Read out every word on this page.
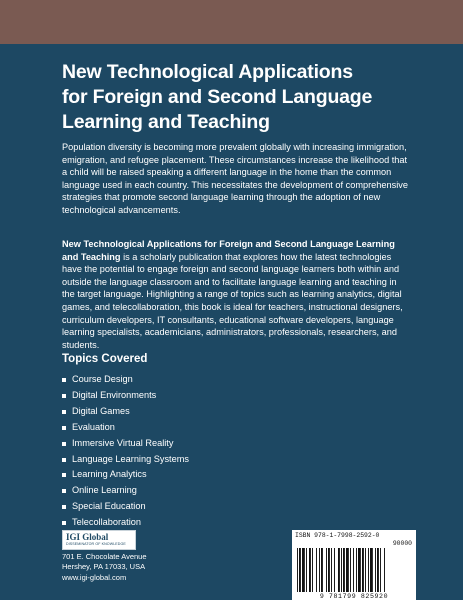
New Technological Applications
for Foreign and Second Language
Learning and Teaching

Population diversity is becoming more prevalent globally with increasing immigration, emigration, and refugee placement. These circumstances increase the likelihood that a child will be raised speaking a different language in the home than the common language used in each country. This necessitates the development of comprehensive strategies that promote second language learning through the adoption of new technological advancements.

New Technological Applications for Foreign and Second Language Learning and Teaching is a scholarly publication that explores how the latest technologies have the potential to engage foreign and second language learners both within and outside the language classroom and to facilitate language learning and teaching in the target language. Highlighting a range of topics such as learning analytics, digital games, and telecollaboration, this book is ideal for teachers, instructional designers, curriculum developers, IT consultants, educational software developers, language learning specialists, academicians, administrators, professionals, researchers, and students.

Topics Covered
Course Design
Digital Environments
Digital Games
Evaluation
Immersive Virtual Reality
Language Learning Systems
Learning Analytics
Online Learning
Special Education
Telecollaboration
IGI Global
DISSEMINATOR OF KNOWLEDGE
701 E. Chocolate Avenue
Hershey, PA 17033, USA
www.igi-global.com
ISBN 978-1-7998-2592-0
90000
9 781799 825920
